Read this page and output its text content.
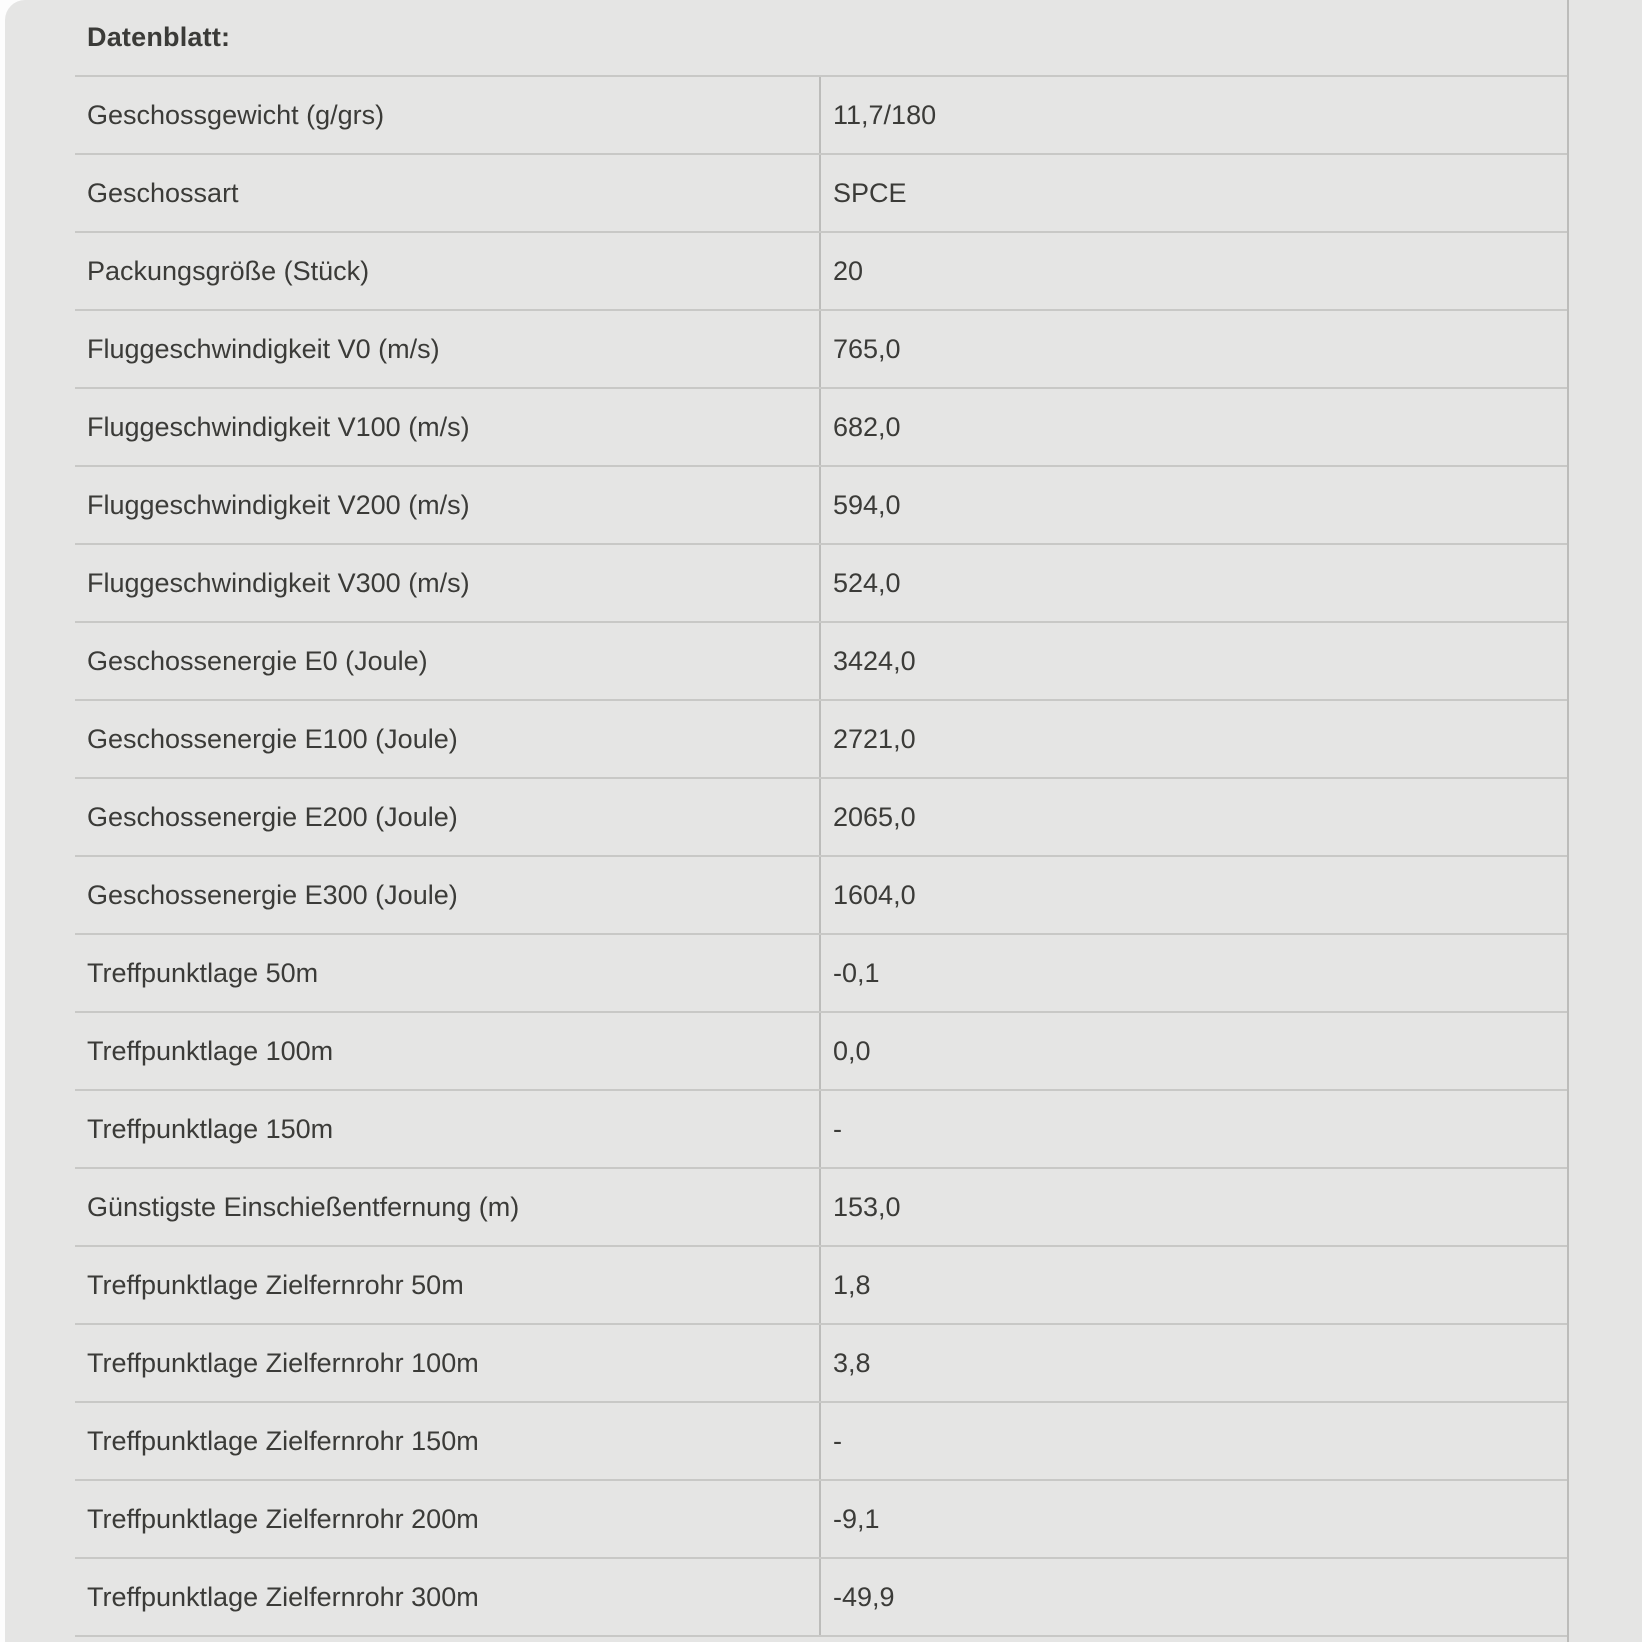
Datenblatt:
Geschossgewicht (g/grs)	11,7/180
Geschossart	SPCE
Packungsgröße (Stück)	20
Fluggeschwindigkeit V0 (m/s)	765,0
Fluggeschwindigkeit V100 (m/s)	682,0
Fluggeschwindigkeit V200 (m/s)	594,0
Fluggeschwindigkeit V300 (m/s)	524,0
Geschossenergie E0 (Joule)	3424,0
Geschossenergie E100 (Joule)	2721,0
Geschossenergie E200 (Joule)	2065,0
Geschossenergie E300 (Joule)	1604,0
Treffpunktlage 50m	-0,1
Treffpunktlage 100m	0,0
Treffpunktlage 150m	-
Günstigste Einschießentfernung (m)	153,0
Treffpunktlage Zielfernrohr 50m	1,8
Treffpunktlage Zielfernrohr 100m	3,8
Treffpunktlage Zielfernrohr 150m	-
Treffpunktlage Zielfernrohr 200m	-9,1
Treffpunktlage Zielfernrohr 300m	-49,9
